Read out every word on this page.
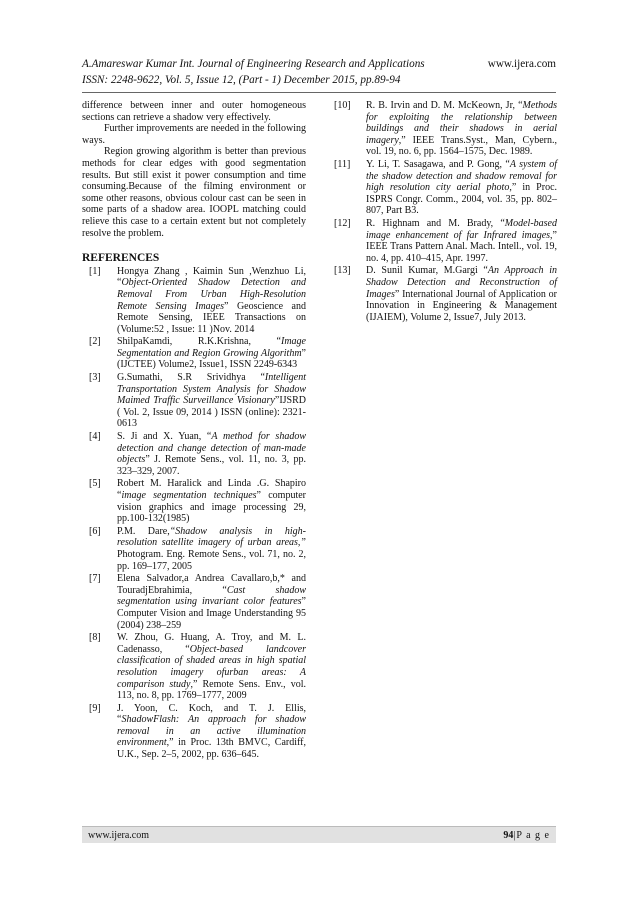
A.Amareswar Kumar Int. Journal of Engineering Research and Applications	www.ijera.com
ISSN: 2248-9622, Vol. 5, Issue 12, (Part - 1) December 2015, pp.89-94

difference between inner and outer homogeneous sections can retrieve a shadow very effectively.

Further improvements are needed in the following ways.

Region growing algorithm is better than previous methods for clear edges with good segmentation results. But still exist it power consumption and time consuming.Because of the filming environment or some other reasons, obvious colour cast can be seen in some parts of a shadow area. IOOPL matching could relieve this case to a certain extent but not completely resolve the problem.

REFERENCES
[1]	Hongya Zhang , Kaimin Sun ,Wenzhuo Li, “Object-Oriented Shadow Detection and Removal From Urban High-Resolution Remote Sensing Images” Geoscience and Remote Sensing, IEEE Transactions on (Volume:52 , Issue: 11 )Nov. 2014
[2]	ShilpaKamdi, R.K.Krishna, “Image Segmentation and Region Growing Algorithm” (IJCTEE) Volume2, Issue1, ISSN 2249-6343
[3]	G.Sumathi, S.R Srividhya “Intelligent Transportation System Analysis for Shadow Maimed Traffic Surveillance Visionary”IJSRD ( Vol. 2, Issue 09, 2014 ) ISSN (online): 2321-0613
[4]	S. Ji and X. Yuan, “A method for shadow detection and change detection of man-made objects” J. Remote Sens., vol. 11, no. 3, pp. 323–329, 2007.
[5]	Robert M. Haralick and Linda .G. Shapiro “image segmentation techniques” computer vision graphics and image processing 29, pp.100-132(1985)
[6]	P.M. Dare,“Shadow analysis in high-resolution satellite imagery of urban areas,” Photogram. Eng. Remote Sens., vol. 71, no. 2, pp. 169–177, 2005
[7]	Elena Salvador,a Andrea Cavallaro,b,* and TouradjEbrahimia, “Cast shadow segmentation using invariant color features” Computer Vision and Image Understanding 95 (2004) 238–259
[8]	W. Zhou, G. Huang, A. Troy, and M. L. Cadenasso, “Object-based landcover classification of shaded areas in high spatial resolution imagery ofurban areas: A comparison study,” Remote Sens. Env., vol. 113, no. 8, pp. 1769–1777, 2009
[9]	J. Yoon, C. Koch, and T. J. Ellis, “ShadowFlash: An approach for shadow removal in an active illumination environment,” in Proc. 13th BMVC, Cardiff, U.K., Sep. 2–5, 2002, pp. 636–645.
[10]	R. B. Irvin and D. M. McKeown, Jr, “Methods for exploiting the relationship between buildings and their shadows in aerial imagery,” IEEE Trans.Syst., Man, Cybern., vol. 19, no. 6, pp. 1564–1575, Dec. 1989.
[11]	Y. Li, T. Sasagawa, and P. Gong, “A system of the shadow detection and shadow removal for high resolution city aerial photo,” in Proc. ISPRS Congr. Comm., 2004, vol. 35, pp. 802–807, Part B3.
[12]	R. Highnam and M. Brady, “Model-based image enhancement of far Infrared images,” IEEE Trans Pattern Anal. Mach. Intell., vol. 19, no. 4, pp. 410–415, Apr. 1997.
[13]	D. Sunil Kumar, M.Gargi “An Approach in Shadow Detection and Reconstruction of Images” International Journal of Application or Innovation in Engineering & Management (IJAIEM), Volume 2, Issue7, July 2013.
www.ijera.com	94|P a g e
